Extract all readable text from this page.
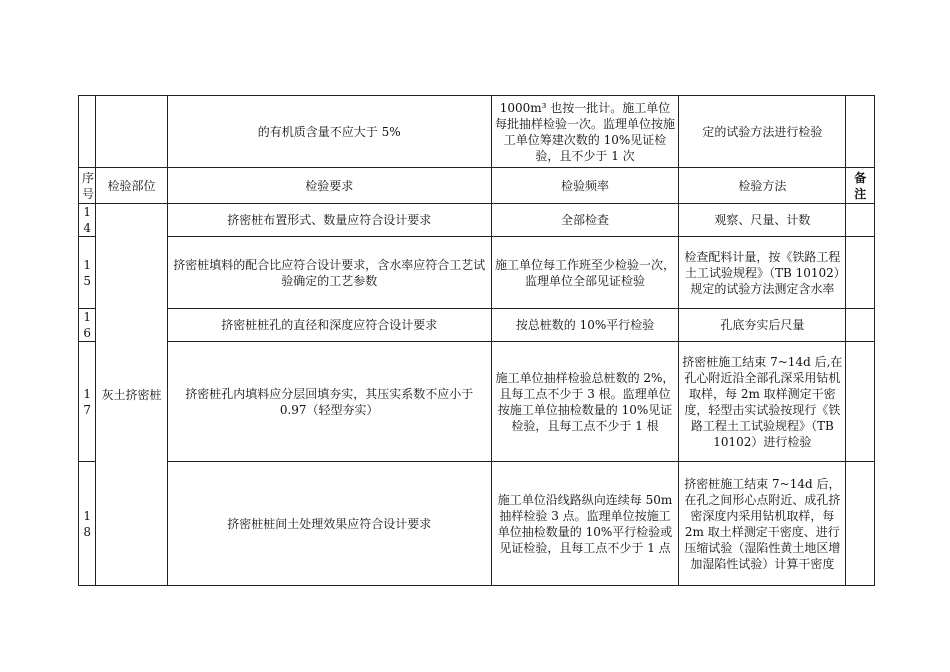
		的有机质含量不应大于 5%	1000m³ 也按一批计。施工单位每批抽样检验一次。监理单位按施工单位筹建次数的 10%见证检验，且不少于 1 次	定的试验方法进行检验	
序号	检验部位	检验要求	检验频率	检验方法	备注
14	灰土挤密桩	挤密桩布置形式、数量应符合设计要求	全部检查	观察、尺量、计数	
15		挤密桩填料的配合比应符合设计要求，含水率应符合工艺试验确定的工艺参数	施工单位每工作班至少检验一次，监理单位全部见证检验	检查配料计量，按《铁路工程土工试验规程》（TB 10102）规定的试验方法测定含水率	
16		挤密桩桩孔的直径和深度应符合设计要求	按总桩数的 10%平行检验	孔底夯实后尺量	
17		挤密桩孔内填料应分层回填夯实，其压实系数不应小于 0.97（轻型夯实）	施工单位抽样检验总桩数的 2%，且每工点不少于 3 根。监理单位按施工单位抽检数量的 10%见证检验，且每工点不少于 1 根	挤密桩施工结束 7~14d 后,在孔心附近沿全部孔深采用钻机取样，每 2m 取样测定干密度，轻型击实试验按现行《铁路工程土工试验规程》（TB 10102）进行检验	
18		挤密桩桩间土处理效果应符合设计要求	施工单位沿线路纵向连续每 50m 抽样检验 3 点。监理单位按施工单位抽检数量的 10%平行检验或见证检验，且每工点不少于 1 点	挤密桩施工结束 7~14d 后，在孔之间形心点附近、成孔挤密深度内采用钻机取样，每 2m 取土样测定干密度、进行压缩试验（湿陷性黄土地区增加湿陷性试验）计算干密度	
